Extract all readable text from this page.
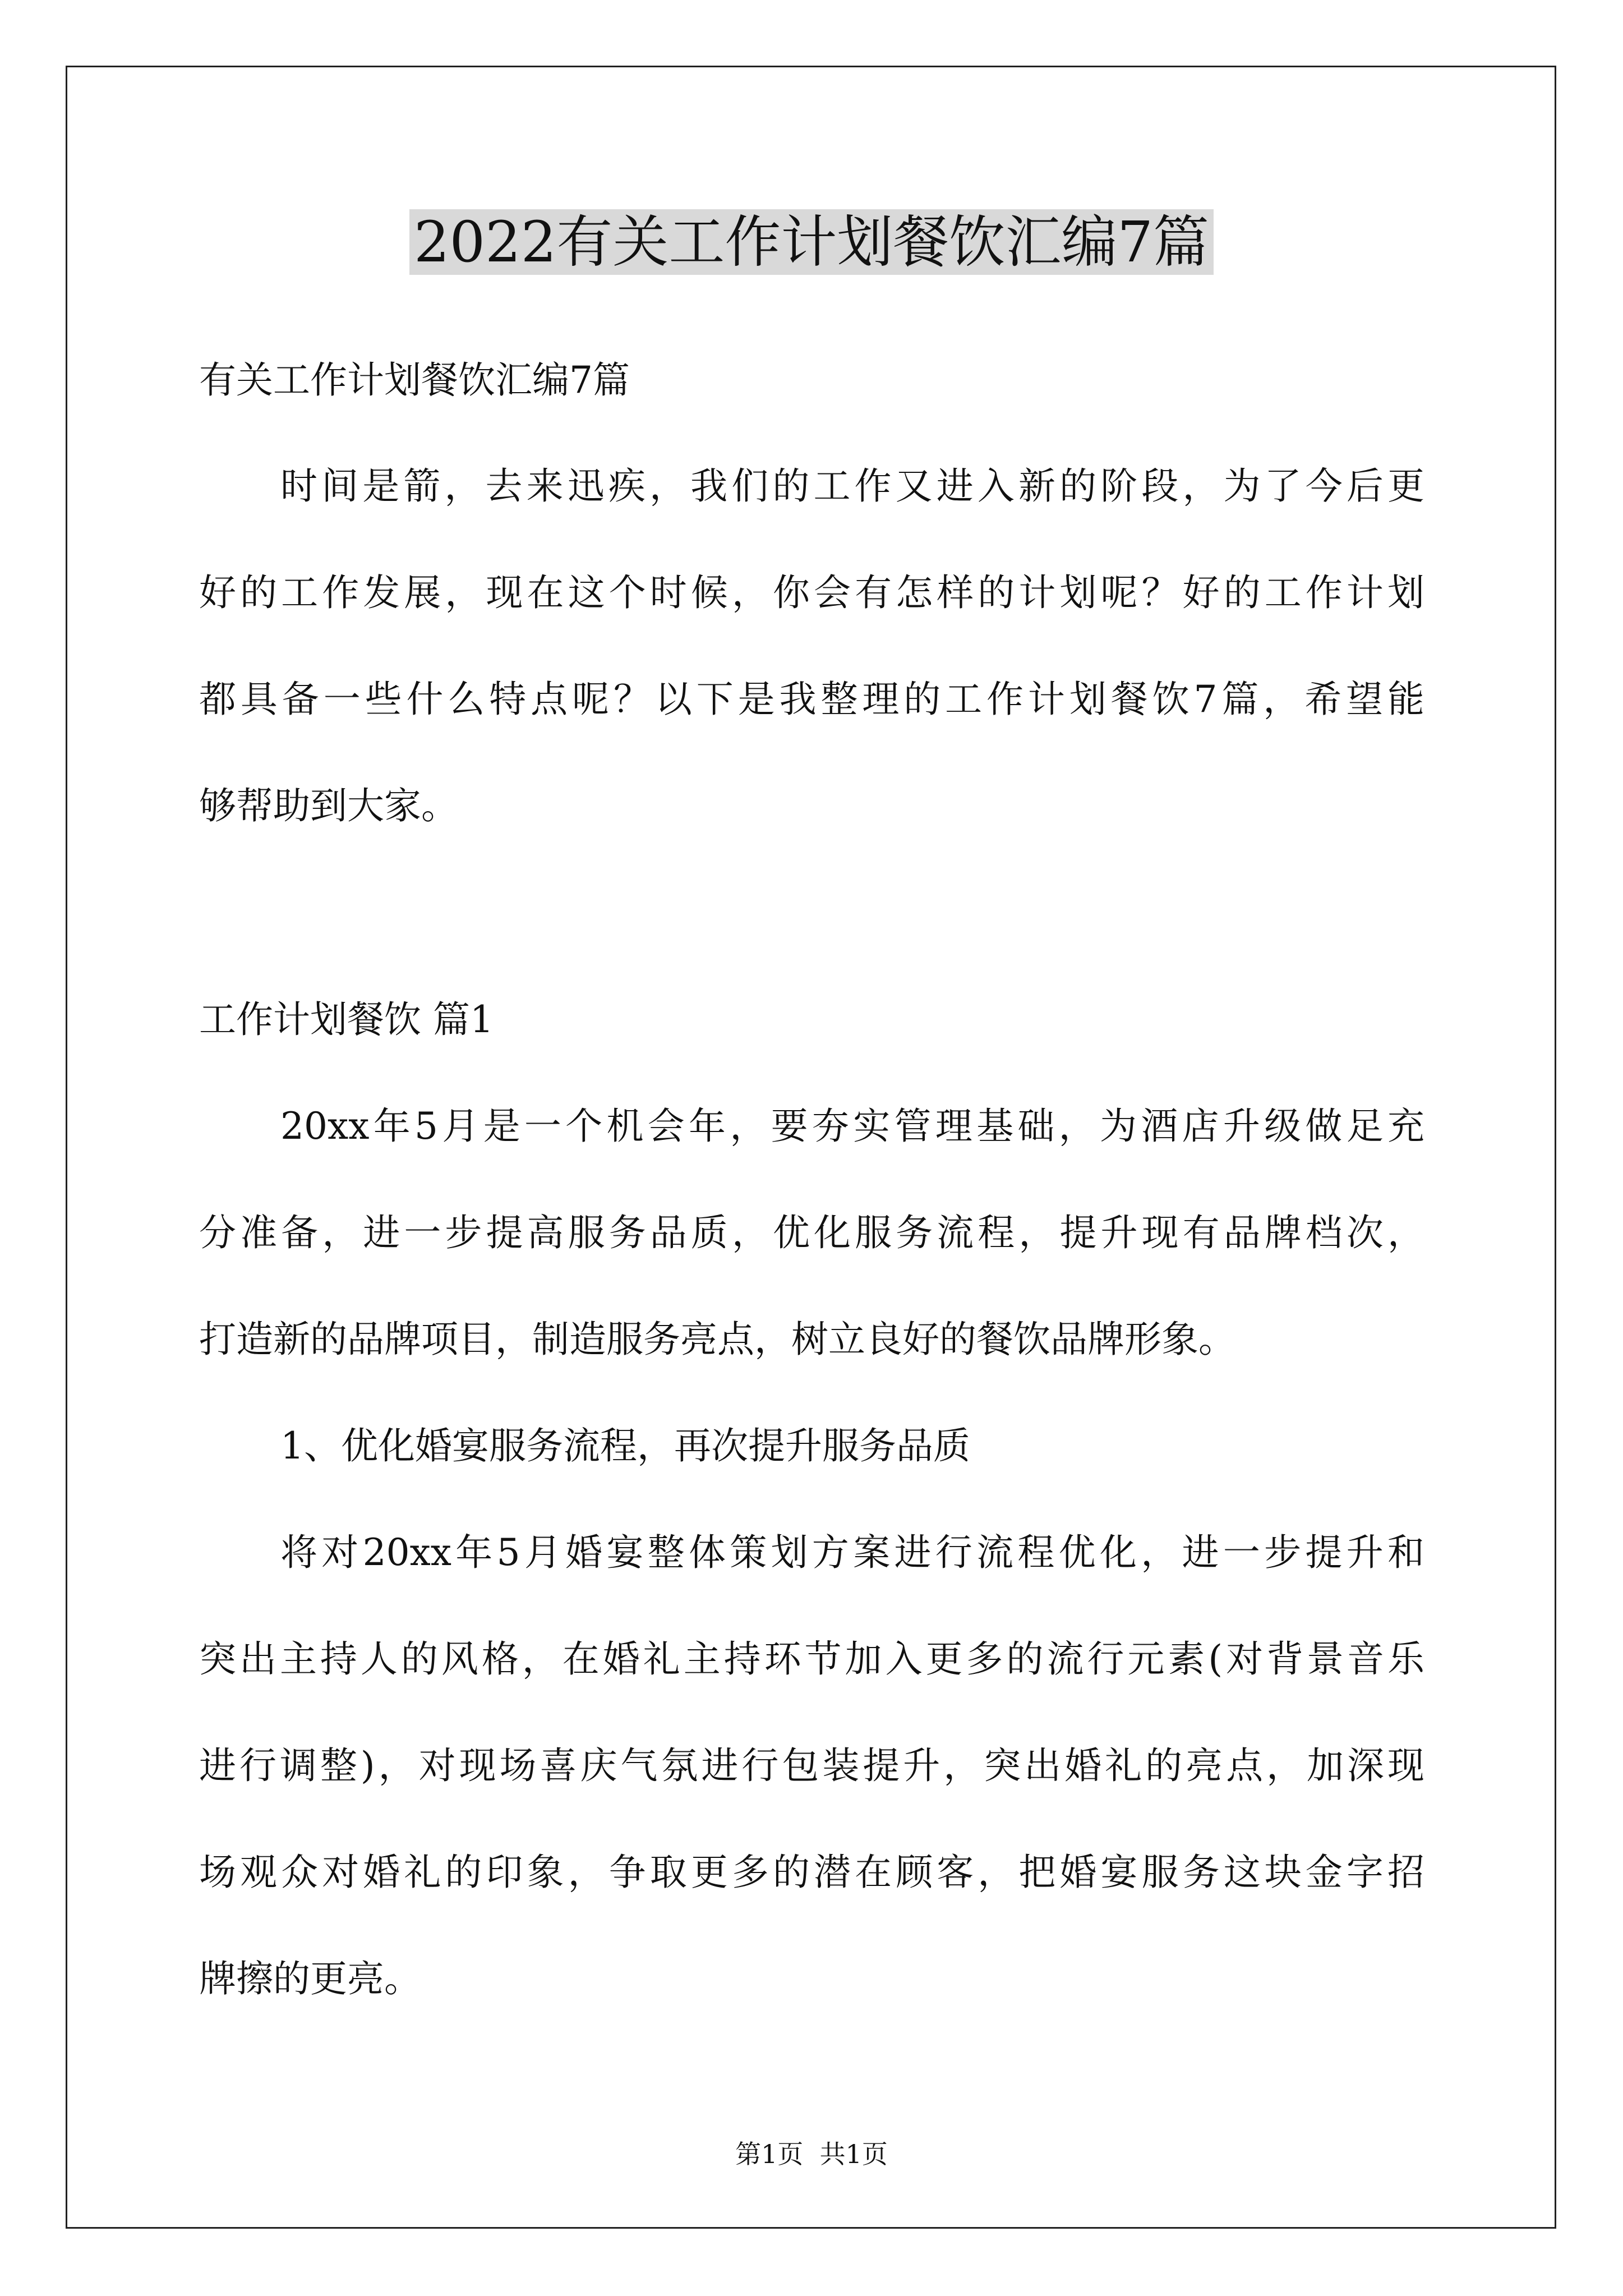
2022有关工作计划餐饮汇编7篇

有关工作计划餐饮汇编7篇

时间是箭，去来迅疾，我们的工作又进入新的阶段，为了今后更

好的工作发展，现在这个时候，你会有怎样的计划呢？好的工作计划

都具备一些什么特点呢？以下是我整理的工作计划餐饮7篇，希望能

够帮助到大家。

工作计划餐饮 篇1

20xx年5月是一个机会年，要夯实管理基础，为酒店升级做足充

分准备，进一步提高服务品质，优化服务流程，提升现有品牌档次，

打造新的品牌项目，制造服务亮点，树立良好的餐饮品牌形象。

1、优化婚宴服务流程，再次提升服务品质

将对20xx年5月婚宴整体策划方案进行流程优化，进一步提升和

突出主持人的风格，在婚礼主持环节加入更多的流行元素(对背景音乐

进行调整)，对现场喜庆气氛进行包装提升，突出婚礼的亮点，加深现

场观众对婚礼的印象，争取更多的潜在顾客，把婚宴服务这块金字招

牌擦的更亮。

第1页  共1页
